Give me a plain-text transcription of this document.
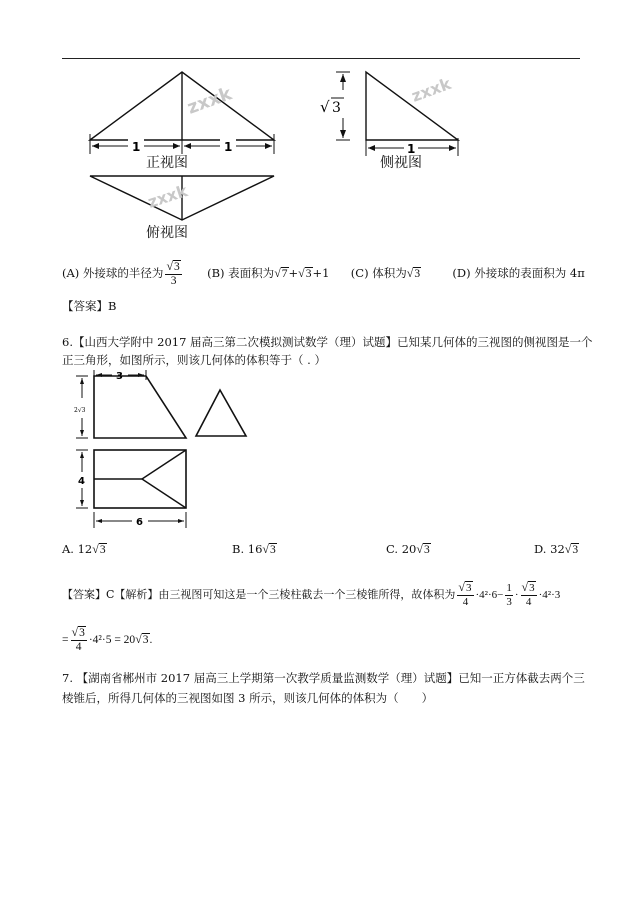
1	1
zxxk
正视图
√ 3
1
zxxk
侧视图
zxxk
俯视图
(A) 外接球的半径为 $\frac{√3}{3} (B)$ 表面积为√7+√3+1 (C) 体积为√3	(D) 外接球的表面积为 4π
【答案】B
6.【山西大学附中 2017 届高三第二次模拟测试数学（理）试题】已知某几何体的三视图的侧视图是一个
正三角形，如图所示，则该几何体的体积等于（ . ）
3
2√3
4
6
A. 12√3	B. 16√3	C. 20√3	D. 32√3
【答案】C【解析】由三视图可知这是一个三棱柱截去一个三棱锥所得，故体积为 $\frac{√3}{4} \cdot 4^2\cdot 6- \frac{1}{3} \cdot \frac{√3}{4} \cdot 4^2\cdot 3$
= $\frac{√3}{4} \cdot 4^2\cdot 5 = 20√3$.
7. 【湖南省郴州市 2017 届高三上学期第一次教学质量监测数学（理）试题】已知一正方体截去两个三
棱锥后，所得几何体的三视图如图 3 所示，则该几何体的体积为（　　）
